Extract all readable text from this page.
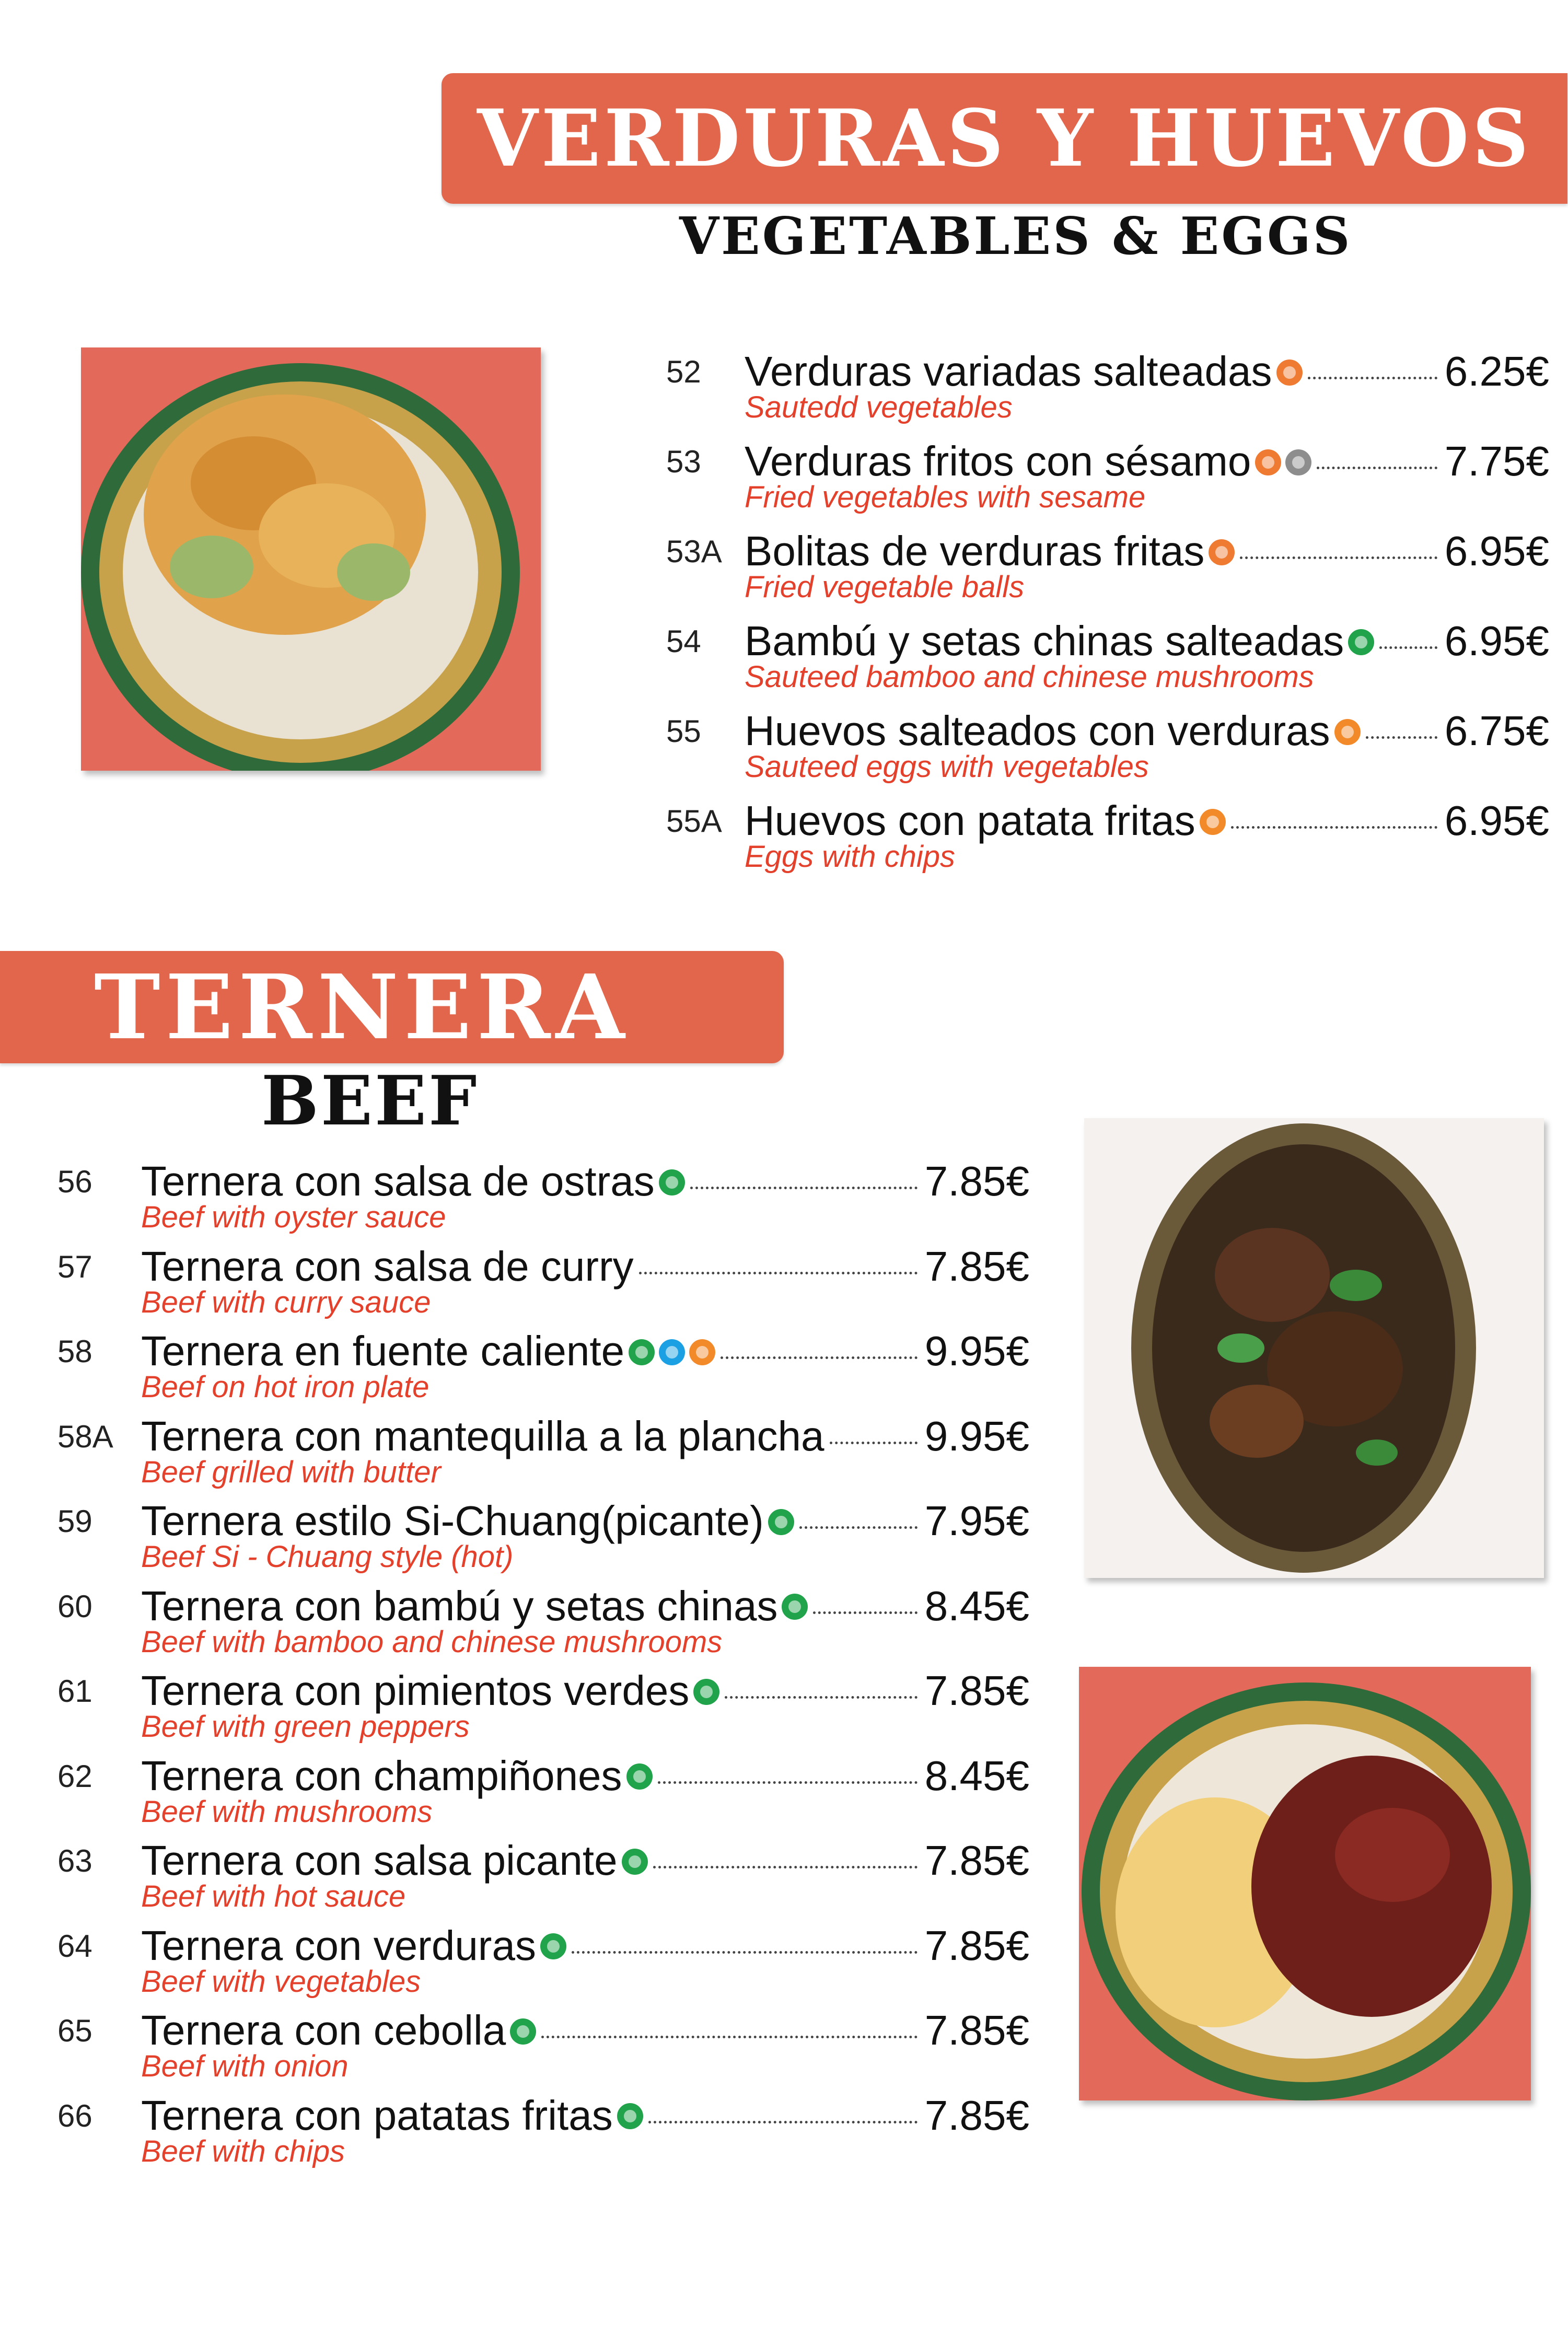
VERDURAS Y HUEVOS
VEGETABLES & EGGS
TERNERA
BEEF
52 Verduras variadas salteadas
Sautedd vegetables
6.25€
53 Verduras fritos con sésamo
Fried vegetables with sesame
7.75€
53A Bolitas de verduras fritas
Fried vegetable balls
6.95€
54 Bambú y setas chinas salteadas
Sauteed bamboo and chinese mushrooms
6.95€
55 Huevos salteados con verduras
Sauteed eggs with vegetables
6.75€
55A Huevos con patata fritas
Eggs with chips
6.95€
56 Ternera con salsa de ostras
Beef with oyster sauce
7.85€
57 Ternera con salsa de curry
Beef with curry sauce
7.85€
58 Ternera en fuente caliente
Beef on hot iron plate
9.95€
58A Ternera con mantequilla a la plancha
Beef grilled with butter
9.95€
59 Ternera estilo Si-Chuang(picante)
Beef Si - Chuang style (hot)
7.95€
60 Ternera con bambú y setas chinas
Beef with bamboo and chinese mushrooms
8.45€
61 Ternera con pimientos verdes
Beef with green peppers
7.85€
62 Ternera con champiñones
Beef with mushrooms
8.45€
63 Ternera con salsa picante
Beef with hot sauce
7.85€
64 Ternera con verduras
Beef with vegetables
7.85€
65 Ternera con cebolla
Beef with onion
7.85€
66 Ternera con patatas fritas
Beef with chips
7.85€
